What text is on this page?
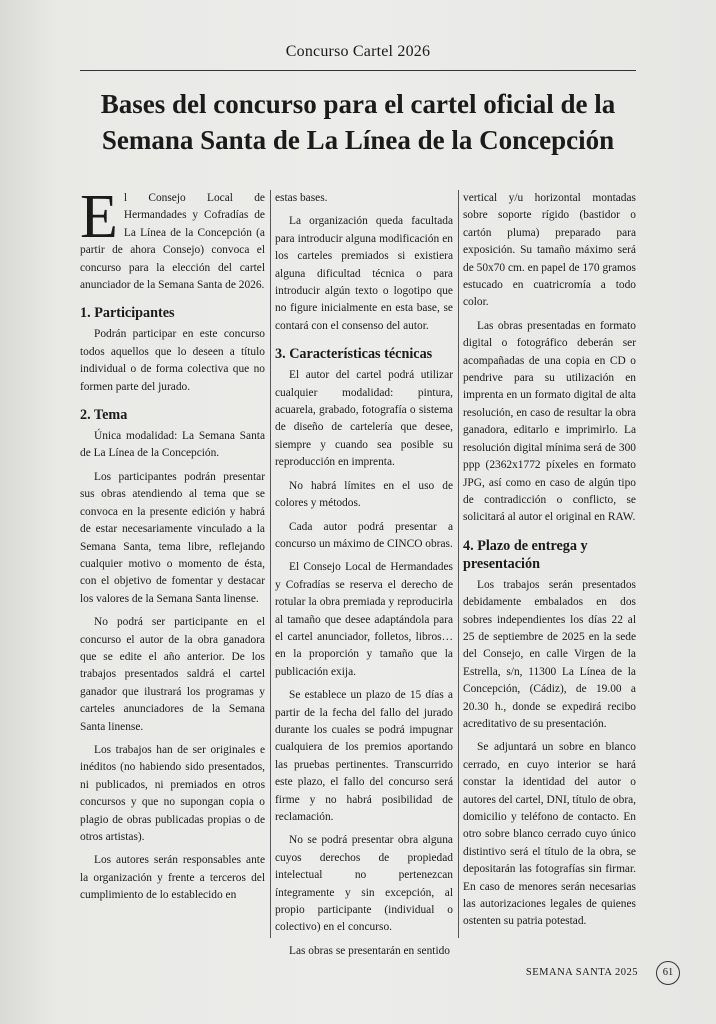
Concurso Cartel 2026
Bases del concurso para el cartel oficial de la
Semana Santa de La Línea de la Concepción

El Consejo Local de Hermandades y Cofradías de La Línea de la Concepción (a partir de ahora Consejo) convoca el concurso para la elección del cartel anunciador de la Semana Santa de 2026.

1. Participantes

Podrán participar en este concurso todos aquellos que lo deseen a título individual o de forma colectiva que no formen parte del jurado.

2. Tema

Única modalidad: La Semana Santa de La Línea de la Concepción.

Los participantes podrán presentar sus obras atendiendo al tema que se convoca en la presente edición y habrá de estar necesariamente vinculado a la Semana Santa, tema libre, reflejando cualquier motivo o momento de ésta, con el objetivo de fomentar y destacar los valores de la Semana Santa linense.

No podrá ser participante en el concurso el autor de la obra ganadora que se edite el año anterior. De los trabajos presentados saldrá el cartel ganador que ilustrará los programas y carteles anunciadores de la Semana Santa linense.

Los trabajos han de ser originales e inéditos (no habiendo sido presentados, ni publicados, ni premiados en otros concursos y que no supongan copia o plagio de obras publicadas propias o de otros artistas).

Los autores serán responsables ante la organización y frente a terceros del cumplimiento de lo establecido en

estas bases.

La organización queda facultada para introducir alguna modificación en los carteles premiados si existiera alguna dificultad técnica o para introducir algún texto o logotipo que no figure inicialmente en esta base, se contará con el consenso del autor.

3. Características técnicas

El autor del cartel podrá utilizar cualquier modalidad: pintura, acuarela, grabado, fotografía o sistema de diseño de cartelería que desee, siempre y cuando sea posible su reproducción en imprenta.

No habrá límites en el uso de colores y métodos.

Cada autor podrá presentar a concurso un máximo de CINCO obras.

El Consejo Local de Hermandades y Cofradías se reserva el derecho de rotular la obra premiada y reproducirla al tamaño que desee adaptándola para el cartel anunciador, folletos, libros… en la proporción y tamaño que la publicación exija.

Se establece un plazo de 15 días a partir de la fecha del fallo del jurado durante los cuales se podrá impugnar cualquiera de los premios aportando las pruebas pertinentes. Transcurrido este plazo, el fallo del concurso será firme y no habrá posibilidad de reclamación.

No se podrá presentar obra alguna cuyos derechos de propiedad intelectual no pertenezcan íntegramente y sin excepción, al propio participante (individual o colectivo) en el concurso.

Las obras se presentarán en sentido

vertical y/u horizontal montadas sobre soporte rígido (bastidor o cartón pluma) preparado para exposición. Su tamaño máximo será de 50x70 cm. en papel de 170 gramos estucado en cuatricromía a todo color.

Las obras presentadas en formato digital o fotográfico deberán ser acompañadas de una copia en CD o pendrive para su utilización en imprenta en un formato digital de alta resolución, en caso de resultar la obra ganadora, editarlo e imprimirlo. La resolución digital mínima será de 300 ppp (2362x1772 píxeles en formato JPG, así como en caso de algún tipo de contradicción o conflicto, se solicitará al autor el original en RAW.

4. Plazo de entrega y presentación

Los trabajos serán presentados debidamente embalados en dos sobres independientes los días 22 al 25 de septiembre de 2025 en la sede del Consejo, en calle Virgen de la Estrella, s/n, 11300 La Línea de la Concepción, (Cádiz), de 19.00 a 20.30 h., donde se expedirá recibo acreditativo de su presentación.

Se adjuntará un sobre en blanco cerrado, en cuyo interior se hará constar la identidad del autor o autores del cartel, DNI, título de obra, domicilio y teléfono de contacto. En otro sobre blanco cerrado cuyo único distintivo será el título de la obra, se depositarán las fotografías sin firmar. En caso de menores serán necesarias las autorizaciones legales de quienes ostenten su patria potestad.

SEMANA SANTA 2025	61
